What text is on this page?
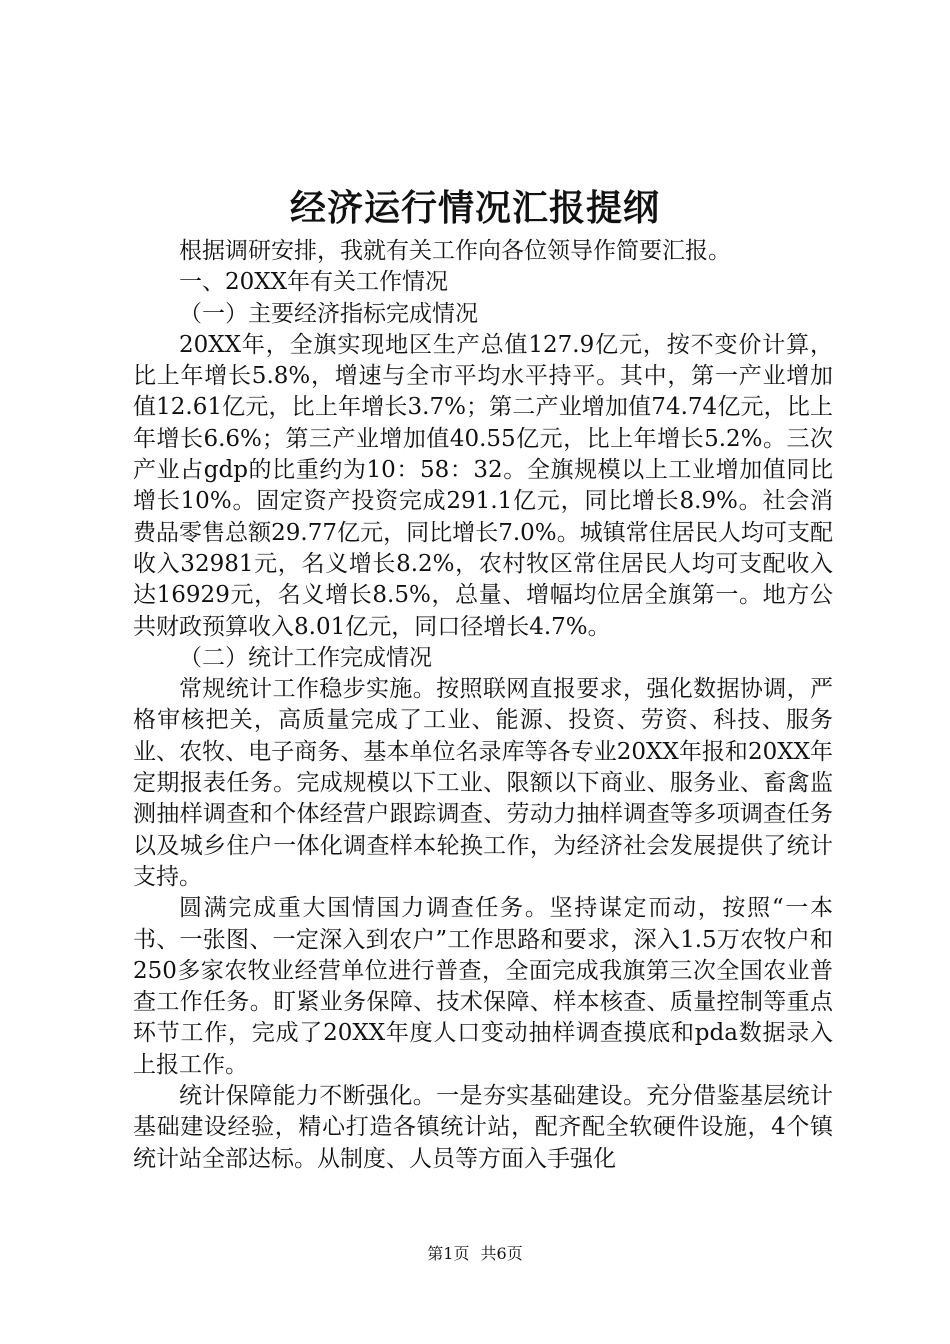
经济运行情况汇报提纲

根据调研安排，我就有关工作向各位领导作简要汇报。

一、20XX年有关工作情况

（一）主要经济指标完成情况

20XX年，全旗实现地区生产总值127.9亿元，按不变价计算，比上年增长5.8%，增速与全市平均水平持平。其中，第一产业增加值12.61亿元，比上年增长3.7%；第二产业增加值74.74亿元，比上年增长6.6%；第三产业增加值40.55亿元，比上年增长5.2%。三次产业占gdp的比重约为10：58：32。全旗规模以上工业增加值同比增长10%。固定资产投资完成291.1亿元，同比增长8.9%。社会消费品零售总额29.77亿元，同比增长7.0%。城镇常住居民人均可支配收入32981元，名义增长8.2%，农村牧区常住居民人均可支配收入达16929元，名义增长8.5%，总量、增幅均位居全旗第一。地方公共财政预算收入8.01亿元，同口径增长4.7%。

（二）统计工作完成情况

常规统计工作稳步实施。按照联网直报要求，强化数据协调，严格审核把关，高质量完成了工业、能源、投资、劳资、科技、服务业、农牧、电子商务、基本单位名录库等各专业20XX年报和20XX年定期报表任务。完成规模以下工业、限额以下商业、服务业、畜禽监测抽样调查和个体经营户跟踪调查、劳动力抽样调查等多项调查任务以及城乡住户一体化调查样本轮换工作，为经济社会发展提供了统计支持。

圆满完成重大国情国力调查任务。坚持谋定而动，按照“一本书、一张图、一定深入到农户”工作思路和要求，深入1.5万农牧户和250多家农牧业经营单位进行普查，全面完成我旗第三次全国农业普查工作任务。盯紧业务保障、技术保障、样本核查、质量控制等重点环节工作，完成了20XX年度人口变动抽样调查摸底和pda数据录入上报工作。

统计保障能力不断强化。一是夯实基础建设。充分借鉴基层统计基础建设经验，精心打造各镇统计站，配齐配全软硬件设施，4个镇统计站全部达标。从制度、人员等方面入手强化

第1页 共6页
